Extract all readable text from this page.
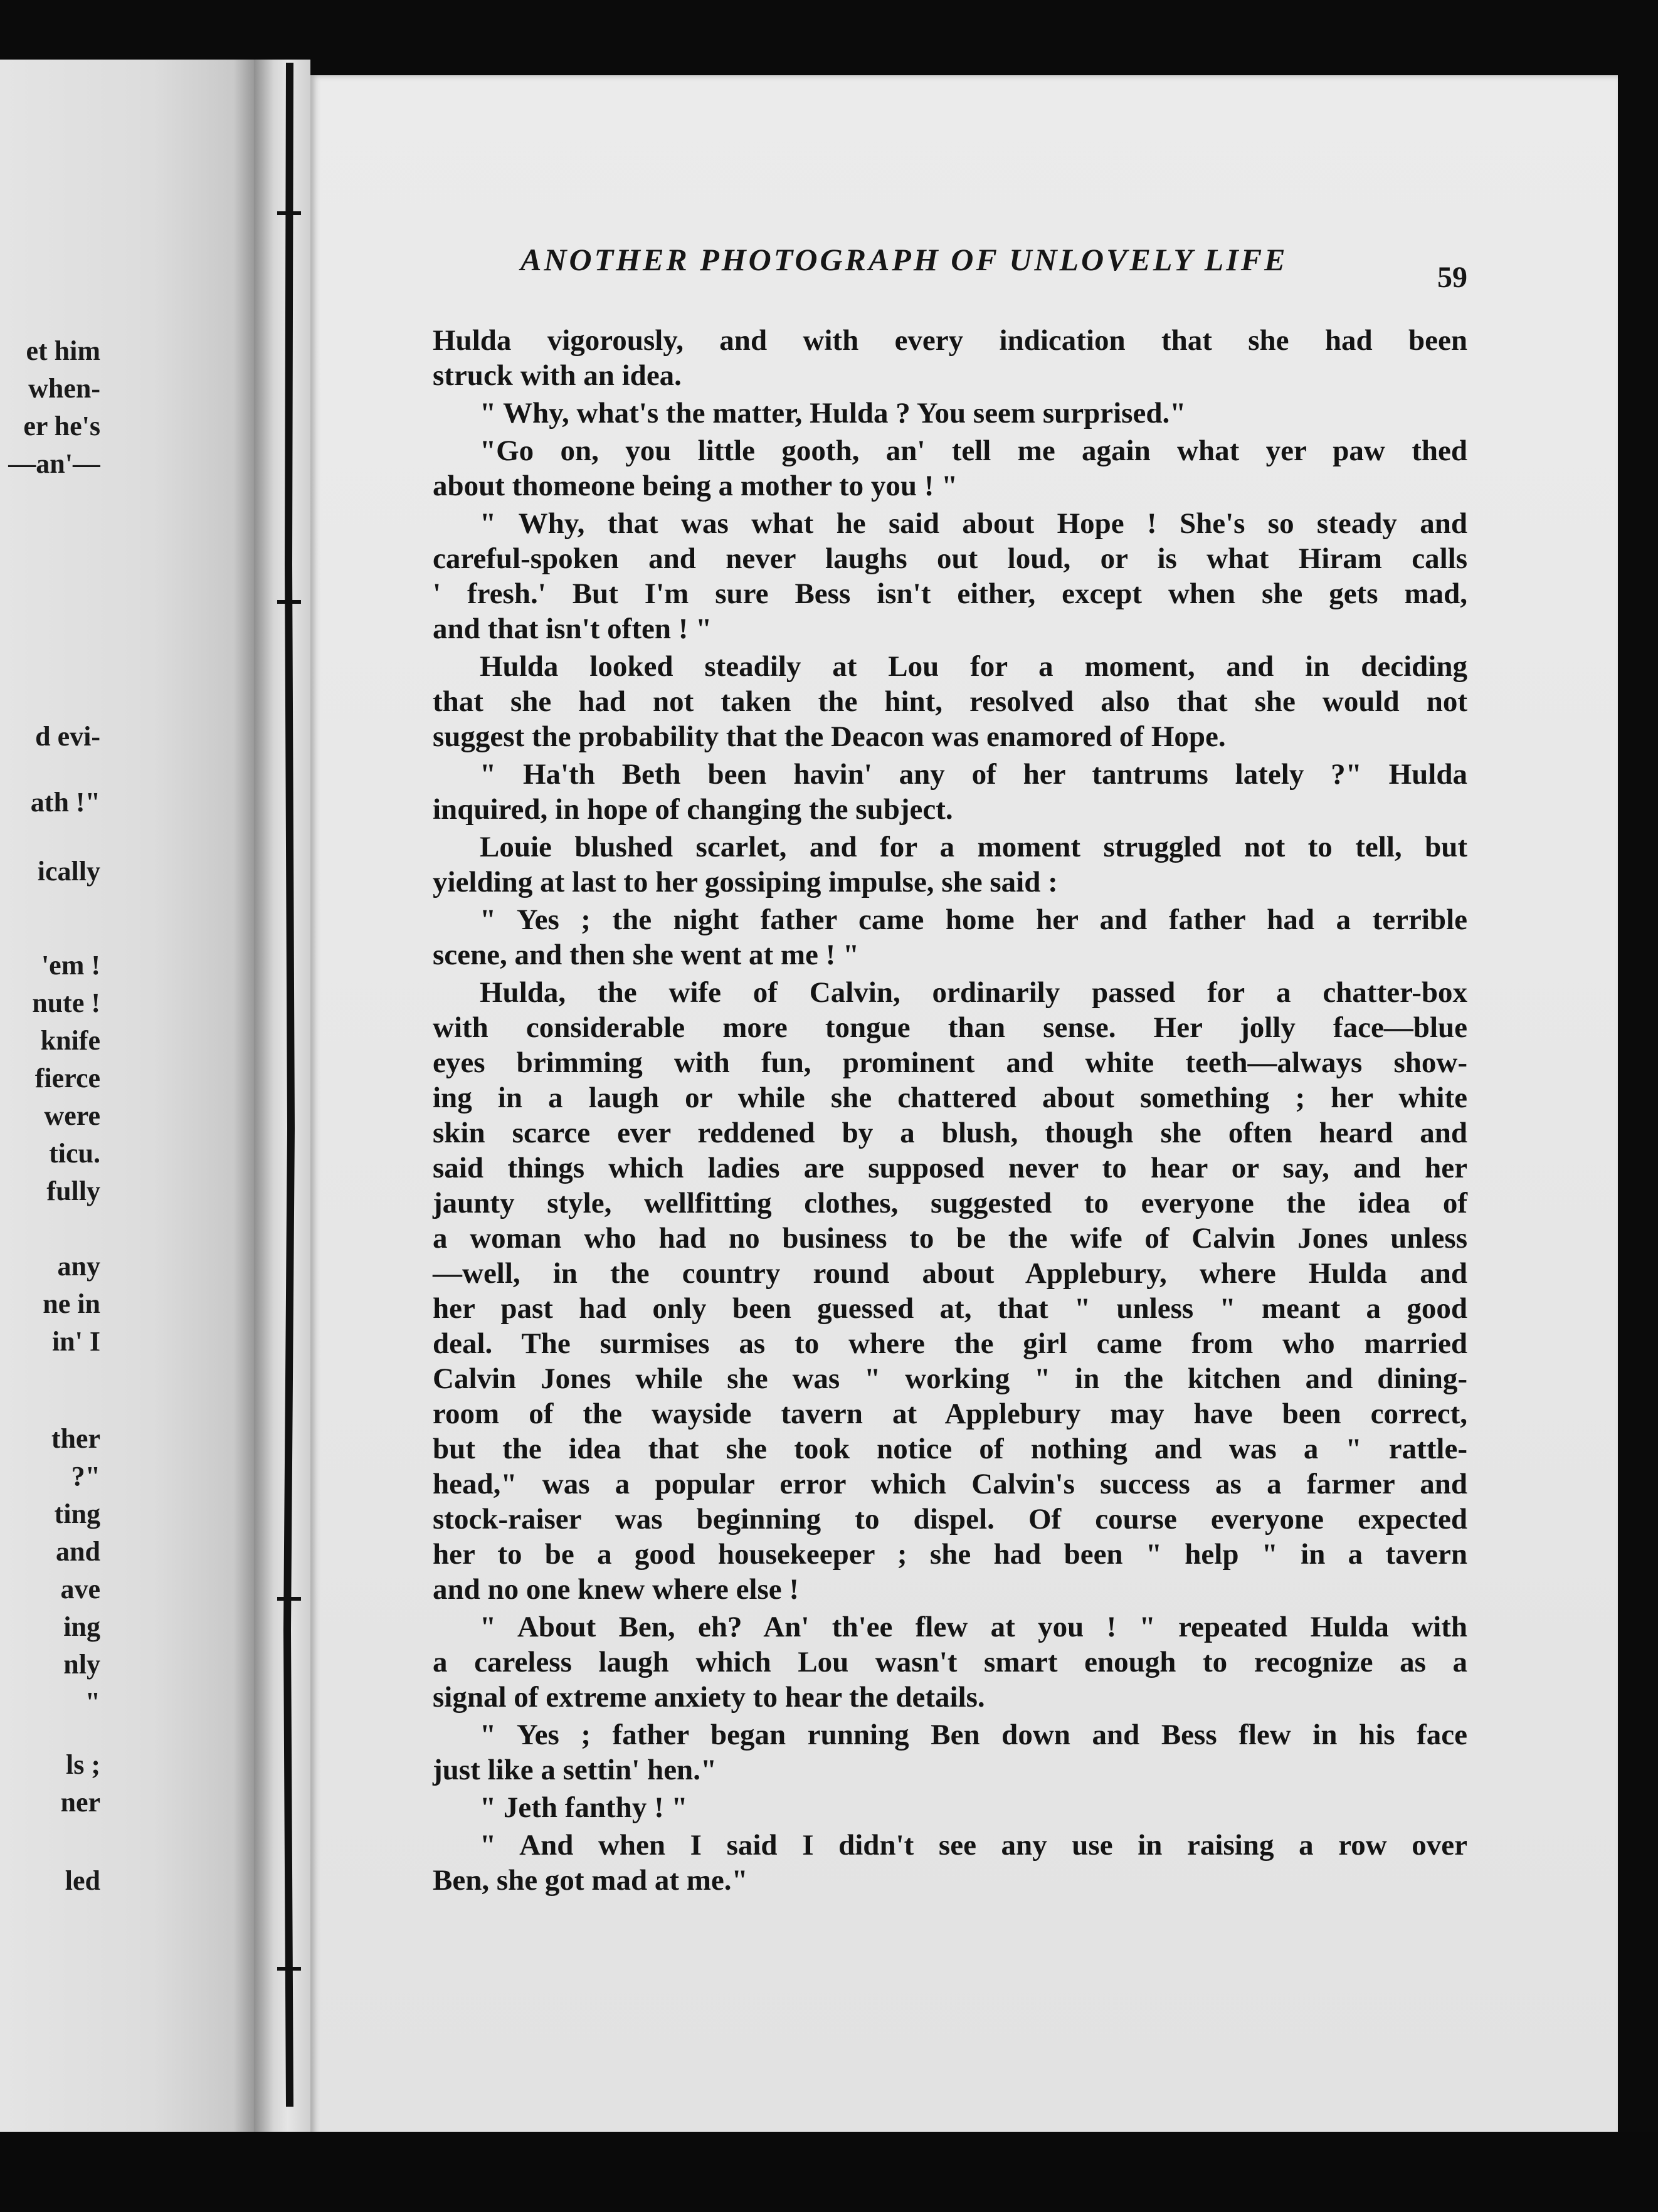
et him
when-
er he's
—an'—
d evi-
ath !"
ically
'em !
nute !
knife
fierce
were
ticu.
fully
any
ne in
in' I
ther
?"
ting
and
ave
ing
nly
"
ls ;
ner
led
ANOTHER PHOTOGRAPH OF UNLOVELY LIFE
59
Hulda vigorously, and with every indication that she had been
struck with an idea.
" Why, what's the matter, Hulda ? You seem surprised."
"Go on, you little gooth, an' tell me again what yer paw thed
about thomeone being a mother to you ! "
" Why, that was what he said about Hope ! She's so steady and
careful-spoken and never laughs out loud, or is what Hiram calls
' fresh.' But I'm sure Bess isn't either, except when she gets mad,
and that isn't often ! "
Hulda looked steadily at Lou for a moment, and in deciding
that she had not taken the hint, resolved also that she would not
suggest the probability that the Deacon was enamored of Hope.
" Ha'th Beth been havin' any of her tantrums lately ?" Hulda
inquired, in hope of changing the subject.
Louie blushed scarlet, and for a moment struggled not to tell, but
yielding at last to her gossiping impulse, she said :
" Yes ; the night father came home her and father had a terrible
scene, and then she went at me ! "
Hulda, the wife of Calvin, ordinarily passed for a chatter-box
with considerable more tongue than sense. Her jolly face—blue
eyes brimming with fun, prominent and white teeth—always show-
ing in a laugh or while she chattered about something ; her white
skin scarce ever reddened by a blush, though she often heard and
said things which ladies are supposed never to hear or say, and her
jaunty style, wellfitting clothes, suggested to everyone the idea of
a woman who had no business to be the wife of Calvin Jones unless
—well, in the country round about Applebury, where Hulda and
her past had only been guessed at, that " unless " meant a good
deal. The surmises as to where the girl came from who married
Calvin Jones while she was " working " in the kitchen and dining-
room of the wayside tavern at Applebury may have been correct,
but the idea that she took notice of nothing and was a " rattle-
head," was a popular error which Calvin's success as a farmer and
stock-raiser was beginning to dispel. Of course everyone expected
her to be a good housekeeper ; she had been " help " in a tavern
and no one knew where else !
" About Ben, eh? An' th'ee flew at you ! " repeated Hulda with
a careless laugh which Lou wasn't smart enough to recognize as a
signal of extreme anxiety to hear the details.
" Yes ; father began running Ben down and Bess flew in his face
just like a settin' hen."
" Jeth fanthy ! "
" And when I said I didn't see any use in raising a row over
Ben, she got mad at me."
